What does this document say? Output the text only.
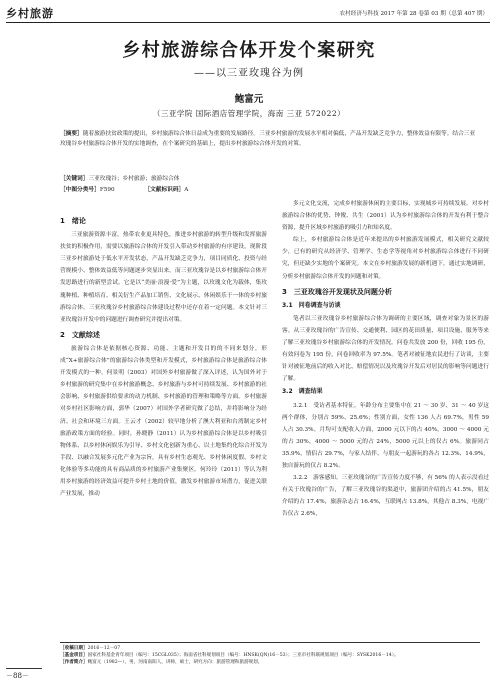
乡村旅游	农村经济与科技 2017 年第 28 卷第 03 期（总第 407 期）
乡村旅游综合体开发个案研究
——以三亚玫瑰谷为例
鲍富元
（三亚学院 国际酒店管理学院，海南 三亚 572022）
［摘要］随着旅游扶贫政策的提出，乡村旅游综合体日益成为重要的发展路径。三亚乡村旅游的发展水平相对偏低，产品开发缺乏竞争力，整体效益有限等。结合三亚玫瑰谷乡村旅游综合体开发的实地调查，在个案研究的基础上，提出乡村旅游综合体开发的对策。
［关键词］三亚玫瑰谷；乡村旅游；旅游综合体
［中图分类号］F590	［文献标识码］A
1　绪论

三亚旅游资源丰富，热带农业更具特色，推进乡村旅游的转型升级和发挥旅游扶贫的积极作用，需要以旅游综合体的开发引入带动乡村旅游的有序建设。现阶段三亚乡村旅游处于低水平开发状态，产品开发缺乏竞争力，项目同质化、投资与经营规模小、整体效益低等问题逐步突显出来。而三亚玫瑰谷是以乡村旅游综合体开发思路进行的新型尝试。它是以“美丽·浪漫·爱”为主题，以玫瑰文化为载体，集玫瑰种植、种植培育、相关衍生产品加工销售、文化展示、休闲娱乐于一体的乡村旅游综合体。三亚玫瑰谷乡村旅游综合体建设过程中还存在着一定问题。本文针对三亚玫瑰谷开发中的问题进行调查研究并提出对策。

2　文献综述

旅游综合体是依据核心资源、功能、主题和开发目的的不同来划分，形成“X+旅游综合体”的旅游综合体类型和开发模式，乡村旅游综合体是旅游综合体开发模式的一种。何景明（2003）对国外乡村旅游做了深入评述，认为国外对于乡村旅游的研究集中在乡村旅游概念、乡村旅游与乡村可持续发展、乡村旅游的社会影响、乡村旅游供给要求的动力机制、乡村旅游的管理和策略等方面。乡村旅游对乡村社区影响方面，郭华（2007）对国外学者研究做了总结，并将影响分为经济、社会和环境三方面。王云才（2002）较早地分析了澳大利亚和台湾制定乡村旅游政策方面的经验。同时，孙晓静（2011）认为乡村旅游综合体是以乡村吸引物体系、以乡村休闲娱乐为引导、乡村文化创新为重心、以土地集约化综合开发为手段、以融合发展多元化产业为宗旨，具有乡村生态观光、乡村休闲度假、乡村文化体验等多功能的具有商品质的乡村旅游产业集聚区。何玲玲（2011）等认为利用乡村旅游的经济效益可提升乡村土地的价值，激发乡村旅游市场潜力，促进关联产业发展，推动

多元文化交流，完成乡村旅游休闲的主要目标，实现城乡可持续发展。对乡村旅游综合体的优势、钟俊、共生（2001）认为乡村旅游综合体的开发有利于整合资源，提升区域乡村旅游的吸引力和知名度。

综上，乡村旅游综合体是近年来提出的乡村旅游发展模式，相关研究文献较少，已有的研究从经济学、管理学、生态学等视角对乡村旅游综合体进行不同研究，但还缺少实地的个案研究。本文在乡村旅游发展的新机遇下，通过实地调研，分析乡村旅游综合体开发的问题和对策。

3　三亚玫瑰谷开发现状及问题分析
3.1　问卷调查与访谈

笔者以三亚玫瑰谷乡村旅游综合体为调研的主要区域，调查对象为景区的游客。从三亚玫瑰谷的广告宣传、交通便利、园区的花田质量、项目设施、服务等来了解三亚玫瑰谷乡村旅游综合体的开发情况。问卷共发放 200 份，回收 195 份，有效问卷为 195 份，问卷回收率为 97.5%。笔者对被征地农民进行了访谈，主要针对被征地前后的收入对比、赔偿情况以及玫瑰谷开发后对居民的影响等问题进行了解。

3.2　调查结果

3.2.1　受访者基本特征。年龄分布主要集中在 21 ～ 30 岁、31 ～ 40 岁这两个群体，分别占 59%、25.6%；性别方面，女性 136 人占 69.7%，男性 59 人占 30.3%。月均可支配收入方面，2000 元以下的占 40%，3000 ～ 4000 元的占 30%，4000 ～ 5000 元的占 24%，5000 元以上的仅占 6%。旅游同占 35.9%，情侣占 29.7%，与家人结伴、与朋友一起游玩的各占 12.3%、14.9%，独自游玩的仅占 8.2%。

3.2.2　游客感知。三亚玫瑰谷的广告宣传力度不够，有 56% 的人表示没看过有关于玫瑰谷的广告，了解三亚玫瑰谷的渠道中，旅游团介绍的占 41.5%，朋友介绍的占 17.4%，旅游杂志占 16.4%，互联网占 13.8%，其他占 8.3%，电视广告仅占 2.6%，

［收稿日期］2016－12－07
［基金项目］国家社科基金青年项目（编号：15CGL035）；海南省社科规划项目（编号：HNSK(QN)16－53）；三亚市社科联规划项目（编号：SYSK2016－14）。
［作者简介］鲍富元（1982—），男，河南南阳人，讲师，硕士，研究方向：旅游管理和旅游规划。
－88－
